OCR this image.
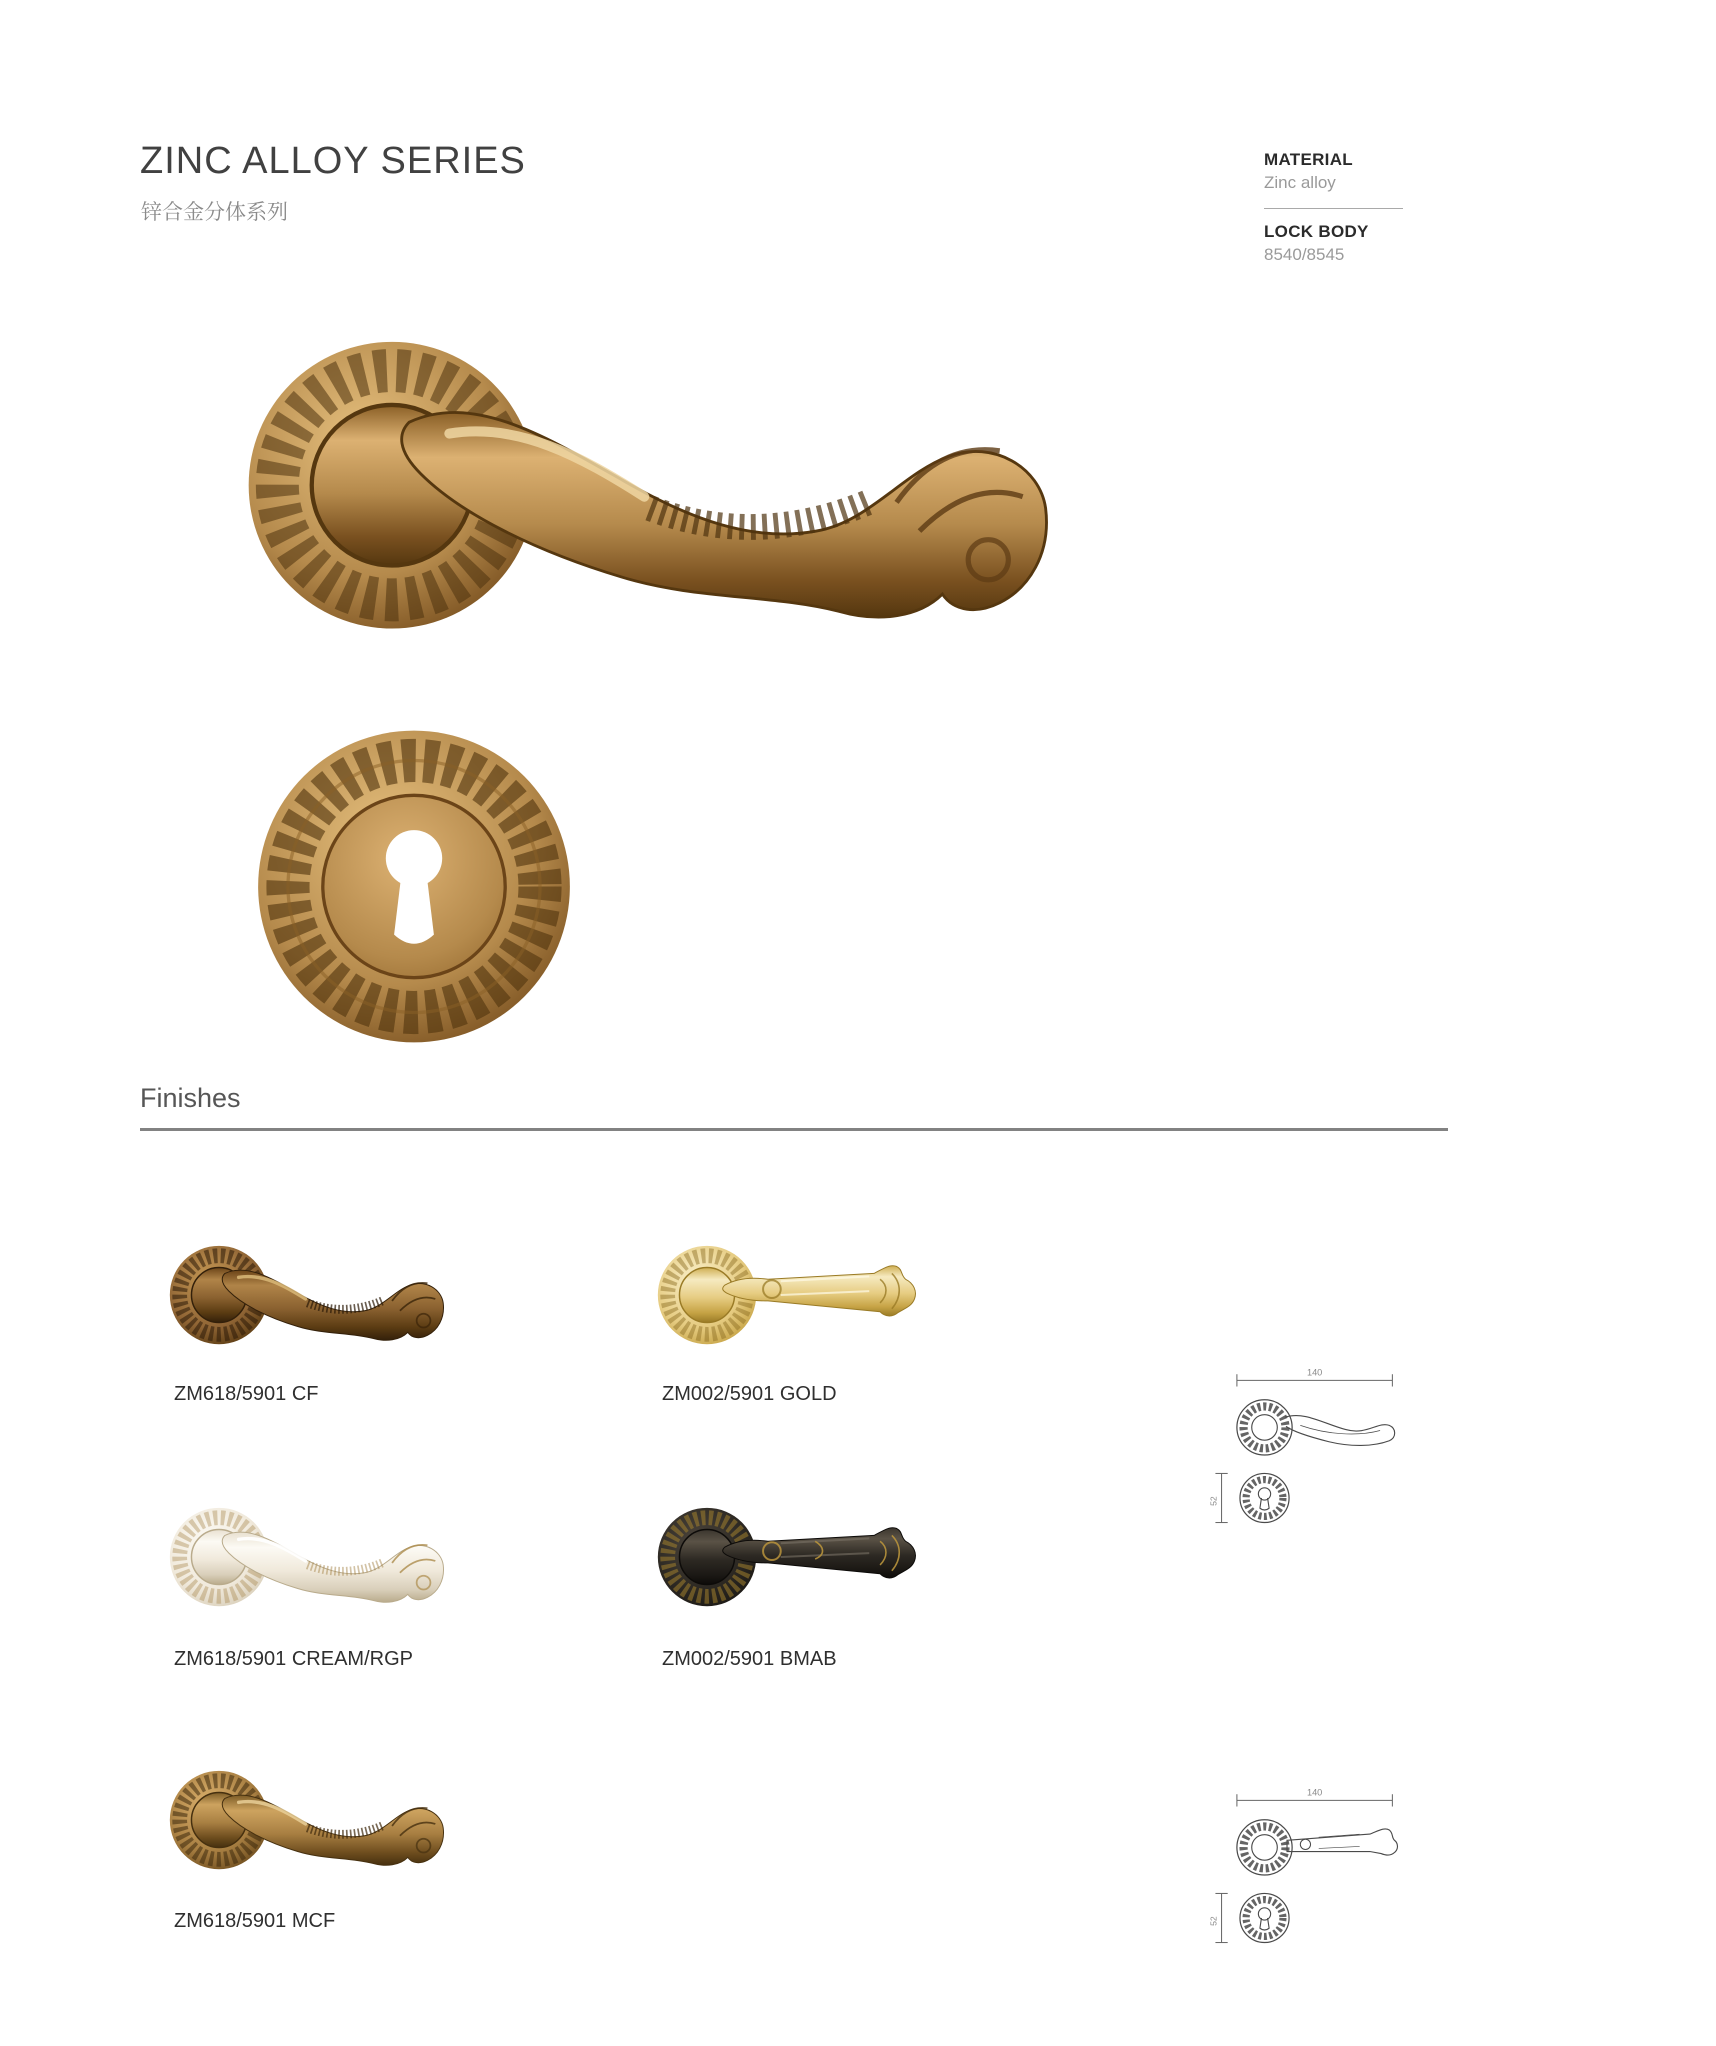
ZINC ALLOY SERIES
锌合金分体系列
MATERIAL
Zinc alloy
LOCK BODY
8540/8545
Finishes
ZM618/5901 CF	ZM002/5901 GOLD
ZM618/5901 CREAM/RGP	ZM002/5901 BMAB
ZM618/5901 MCF
140
52
140
52
